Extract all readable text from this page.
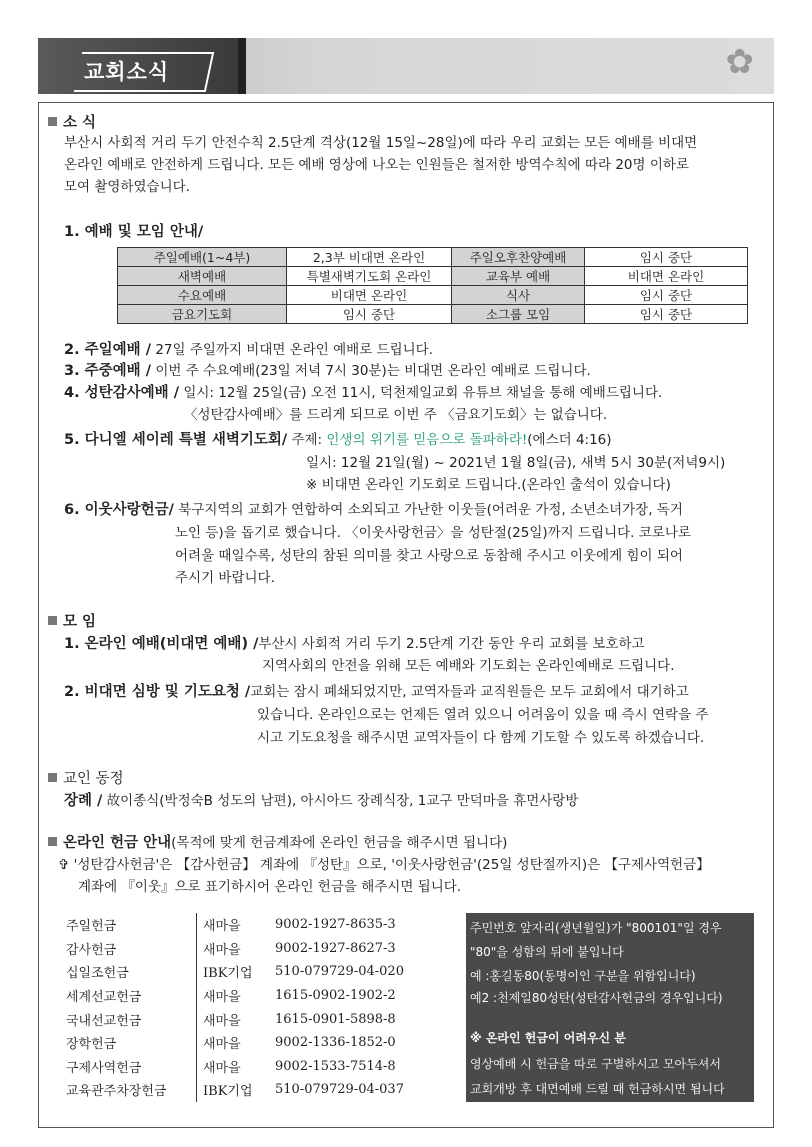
교회소식	✿
소 식
부산시 사회적 거리 두기 안전수칙 2.5단계 격상(12월 15일~28일)에 따라 우리 교회는 모든 예배를 비대면
온라인 예배로 안전하게 드립니다. 모든 예배 영상에 나오는 인원들은 철저한 방역수칙에 따라 20명 이하로
모여 촬영하였습니다.
1. 예배 및 모임 안내/
주일예배(1~4부)	2,3부 비대면 온라인	주일오후찬양예배	임시 중단
새벽예배	특별새벽기도회 온라인	교육부 예배	비대면 온라인
수요예배	비대면 온라인	식사	임시 중단
금요기도회	임시 중단	소그룹 모임	임시 중단
2. 주일예배 / 27일 주일까지 비대면 온라인 예배로 드립니다.
3. 주중예배 / 이번 주 수요예배(23일 저녁 7시 30분)는 비대면 온라인 예배로 드립니다.
4. 성탄감사예배 / 일시: 12월 25일(금) 오전 11시, 덕천제일교회 유튜브 채널을 통해 예배드립니다.
〈성탄감사예배〉를 드리게 되므로 이번 주 〈금요기도회〉는 없습니다.
5. 다니엘 세이레 특별 새벽기도회/ 주제: 인생의 위기를 믿음으로 돌파하라!(에스더 4:16)
일시: 12월 21일(월) ~ 2021년 1월 8일(금), 새벽 5시 30분(저녁9시)
※ 비대면 온라인 기도회로 드립니다.(온라인 출석이 있습니다)
6. 이웃사랑헌금/ 북구지역의 교회가 연합하여 소외되고 가난한 이웃들(어려운 가정, 소년소녀가장, 독거
노인 등)을 돕기로 했습니다. 〈이웃사랑헌금〉을 성탄절(25일)까지 드립니다. 코로나로
어려울 때일수록, 성탄의 참된 의미를 찾고 사랑으로 동참해 주시고 이웃에게 힘이 되어
주시기 바랍니다.
모 임
1. 온라인 예배(비대면 예배) /부산시 사회적 거리 두기 2.5단계 기간 동안 우리 교회를 보호하고
지역사회의 안전을 위해 모든 예배와 기도회는 온라인예배로 드립니다.
2. 비대면 심방 및 기도요청 /교회는 잠시 폐쇄되었지만, 교역자들과 교직원들은 모두 교회에서 대기하고
있습니다. 온라인으로는 언제든 열려 있으니 어려움이 있을 때 즉시 연락을 주
시고 기도요청을 해주시면 교역자들이 다 함께 기도할 수 있도록 하겠습니다.
교인 동정
장례 / 故이종식(박정숙B 성도의 남편), 아시아드 장례식장, 1교구 만덕마을 휴먼사랑방
온라인 헌금 안내(목적에 맞게 헌금계좌에 온라인 헌금을 해주시면 됩니다)
✞ '성탄감사헌금'은 【감사헌금】 계좌에 『성탄』으로, '이웃사랑헌금'(25일 성탄절까지)은 【구제사역헌금】
계좌에 『이웃』으로 표기하시어 온라인 헌금을 해주시면 됩니다.
주일헌금	새마을	9002-1927-8635-3
감사헌금	새마을	9002-1927-8627-3
십일조헌금	IBK기업	510-079729-04-020
세계선교헌금	새마을	1615-0902-1902-2
국내선교헌금	새마을	1615-0901-5898-8
장학헌금	새마을	9002-1336-1852-0
구제사역헌금	새마을	9002-1533-7514-8
교육관주차장헌금	IBK기업	510-079729-04-037
주민번호 앞자리(생년월일)가 "800101"일 경우
"80"을 성함의 뒤에 붙입니다
예 :홍길동80(동명이인 구분을 위함입니다)
예2 :천제일80성탄(성탄감사헌금의 경우입니다)
※ 온라인 헌금이 어려우신 분
영상예배 시 헌금을 따로 구별하시고 모아두셔서
교회개방 후 대면예배 드릴 때 헌금하시면 됩니다
